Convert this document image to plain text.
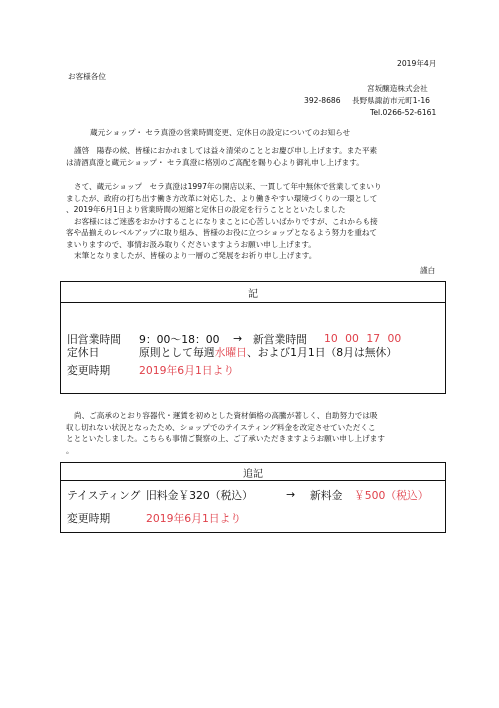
2019年4月
お客様各位
宮坂醸造株式会社
392-8686 長野県諏訪市元町1-16
Tel.0266-52-6161
蔵元ショップ・ セラ真澄の営業時間変更、定休日の設定についてのお知らせ
謹啓　陽春の候、皆様におかれましては益々清栄のこととお慶び申し上げます。また平素
は清酒真澄と蔵元ショップ・ セラ真澄に格別のご高配を賜り心より御礼申し上げます。
さて、蔵元ショップ　セラ真澄は1997年の開店以来、一貫して年中無休で営業してまいり
ましたが、政府の打ち出す働き方改革に対応した、より働きやすい環境づくりの一環として
、2019年6月1日より営業時間の短縮と定休日の設定を行うこととといたしました
お客様にはご迷惑をおかけすることになりまことに心苦しいばかりですが、これからも接
客や品揃えのレベルアップに取り組み、皆様のお役に立つショップとなるよう努力を重ねて
まいりますので、事情お汲み取りくださいますようお願い申し上げます。
末筆となりましたが、皆様のより一層のご発展をお祈り申し上げます。
謹白
記
旧営業時間 9：00～18：00 → 新営業時間 10 00 17 00
定休日	原則として毎週水曜日、および1月1日（8月は無休）
変更時期	2019年6月1日より
尚、ご高承のとおり容器代・運賃を初めとした資材価格の高騰が著しく、自助努力では吸
収し切れない状況となったため、ショップでのテイスティング料金を改定させていただくこ
ととといたしました。こちらも事情ご賢察の上、ご了承いただきますようお願い申し上げます
。
追記
テイスティング 旧料金￥320（税込）	→ 新料金 ￥500（税込）
変更時期	2019年6月1日より
